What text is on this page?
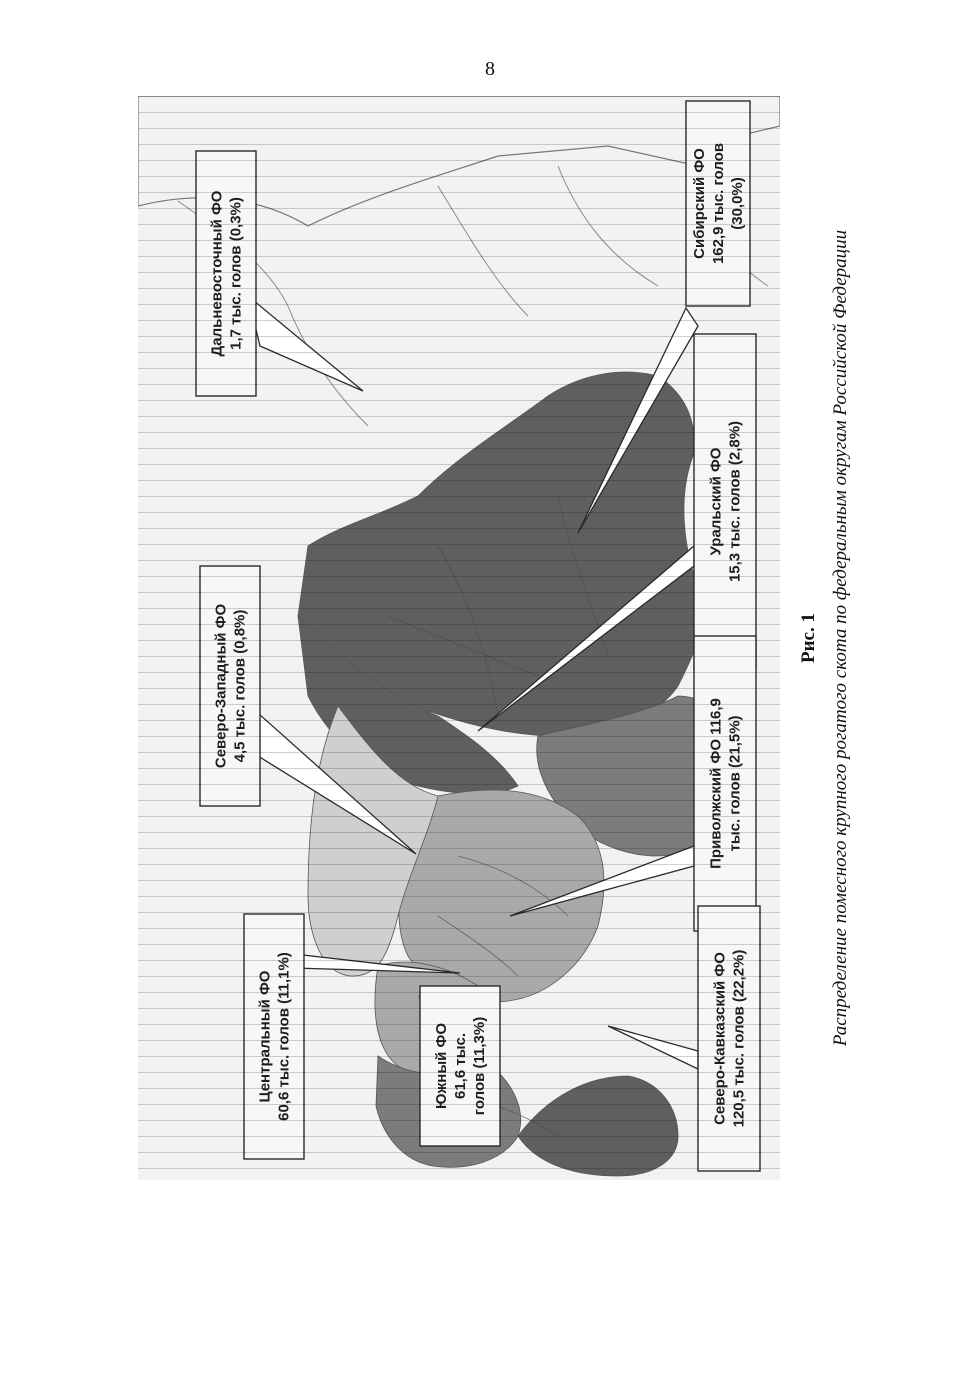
8
Рис. 1 Распределение помесного крупного рогатого скота по федеральным округам Российской Федерации
